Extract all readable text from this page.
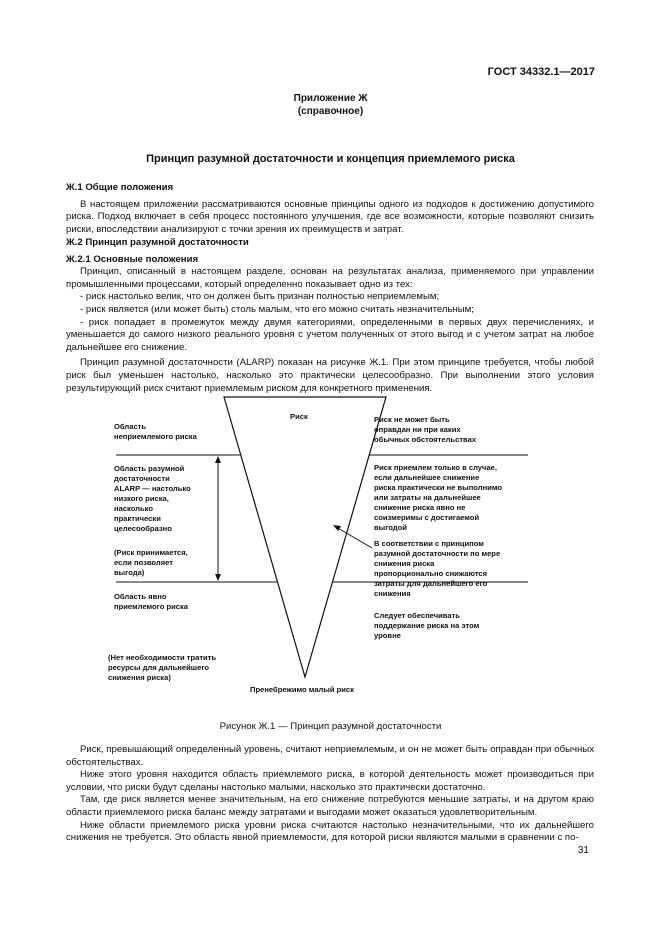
ГОСТ 34332.1—2017
Приложение Ж
(справочное)
Принцип разумной достаточности и концепция приемлемого риска

Ж.1 Общие положения

В настоящем приложении рассматриваются основные принципы одного из подходов к достижению допустимого риска. Подход включает в себя процесс постоянного улучшения, где все возможности, которые позволяют снизить риски, впоследствии анализируют с точки зрения их преимуществ и затрат.

Ж.2 Принцип разумной достаточности

Ж.2.1 Основные положения

Принцип, описанный в настоящем разделе, основан на результатах анализа, применяемого при управлении промышленными процессами, который определенно показывает одно из тех:

- риск настолько велик, что он должен быть признан полностью неприемлемым;

- риск является (или может быть) столь малым, что его можно считать незначительным;

- риск попадает в промежуток между двумя категориями, определенными в первых двух перечислениях, и уменьшается до самого низкого реального уровня с учетом полученных от этого выгод и с учетом затрат на любое дальнейшее его снижение.

Принцип разумной достаточности (ALARP) показан на рисунке Ж.1. При этом принципе требуется, чтобы любой риск был уменьшен настолько, насколько это практически целесообразно. При выполнении этого условия результирующий риск считают приемлемым риском для конкретного применения.

Риск
Пренебрежимо малый риск
Область
неприемлемого риска
Область разумной
достаточности
ALARP — настолько
низкого риска,
насколько
практически
целесообразно
(Риск принимается,
если позволяет
выгода)
Область явно
приемлемого риска
(Нет необходимости тратить
ресурсы для дальнейшего
снижения риска)
Риск не может быть
оправдан ни при каких
обычных обстоятельствах
Риск приемлем только в случае,
если дальнейшее снижение
риска практически не выполнимо
или затраты на дальнейшее
снижение риска явно не
соизмеримы с достигаемой
выгодой
В соответствии с принципом
разумной достаточности по мере
снижения риска
пропорционально снижаются
затраты для дальнейшего его
снижения
Следует обеспечивать
поддержание риска на этом
уровне
Рисунок Ж.1 — Принцип разумной достаточности

Риск, превышающий определенный уровень, считают неприемлемым, и он не может быть оправдан при обычных обстоятельствах.

Ниже этого уровня находится область приемлемого риска, в которой деятельность может производиться при условии, что риски будут сделаны настолько малыми, насколько это практически достаточно.

Там, где риск является менее значительным, на его снижение потребуются меньшие затраты, и на другом краю области приемлемого риска баланс между затратами и выгодами может оказаться удовлетворительным.

Ниже области приемлемого риска уровни риска считаются настолько незначительными, что их дальнейшего снижения не требуется. Это область явной приемлемости, для которой риски являются малыми в сравнении с по-

31
